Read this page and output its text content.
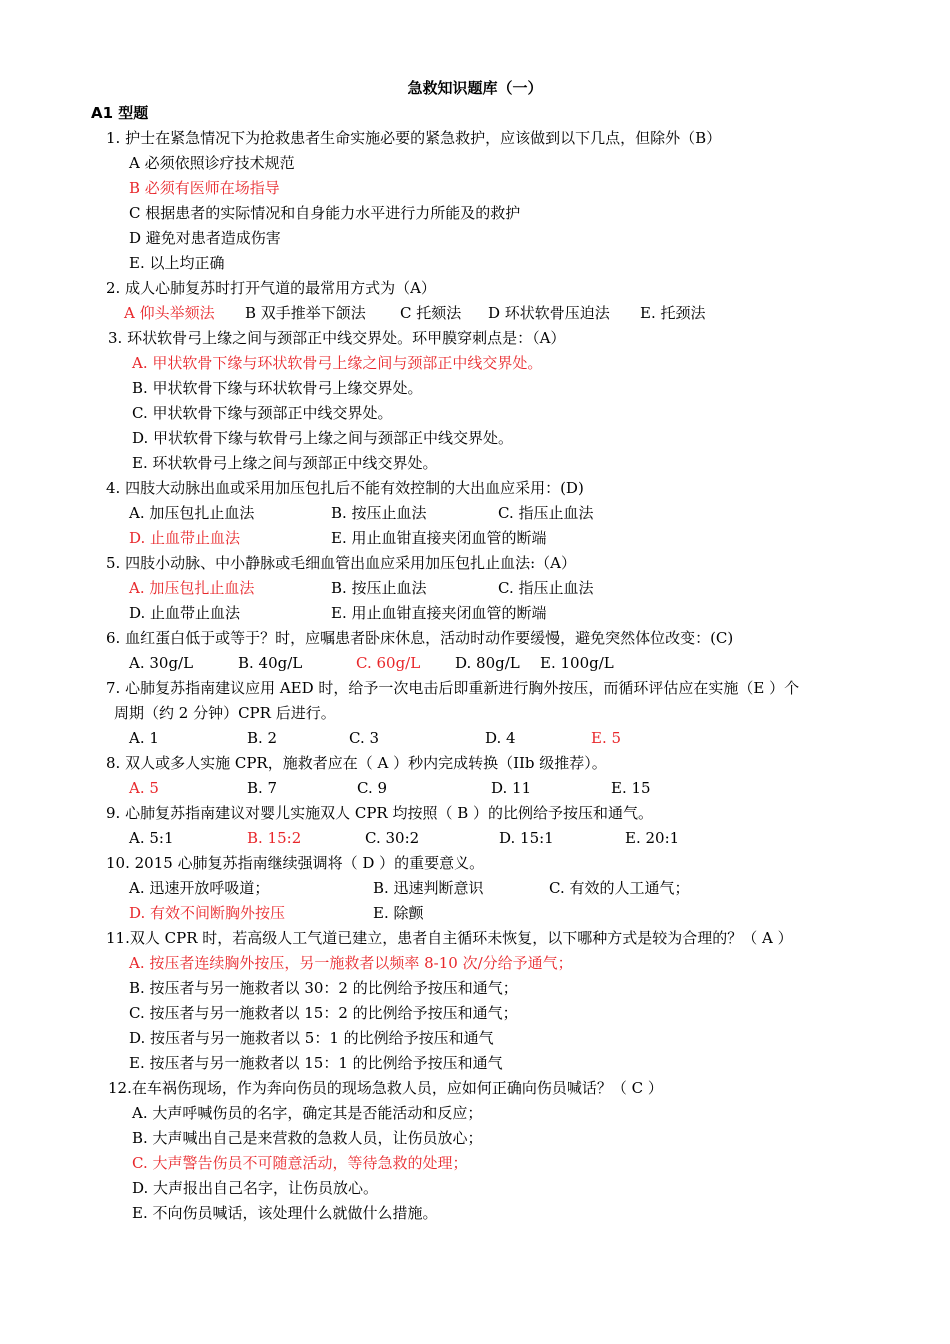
急救知识题库（一）
A1 型题
1. 护士在紧急情况下为抢救患者生命实施必要的紧急救护，应该做到以下几点，但除外（B）
A 必须依照诊疗技术规范
B 必须有医师在场指导
C 根据患者的实际情况和自身能力水平进行力所能及的救护
D 避免对患者造成伤害
E. 以上均正确
2. 成人心肺复苏时打开气道的最常用方式为（A）
A 仰头举颏法 B 双手推举下颌法 C 托颏法 D 环状软骨压迫法 E. 托颈法
3. 环状软骨弓上缘之间与颈部正中线交界处。环甲膜穿刺点是：（A）
A. 甲状软骨下缘与环状软骨弓上缘之间与颈部正中线交界处。
B. 甲状软骨下缘与环状软骨弓上缘交界处。
C. 甲状软骨下缘与颈部正中线交界处。
D. 甲状软骨下缘与软骨弓上缘之间与颈部正中线交界处。
E. 环状软骨弓上缘之间与颈部正中线交界处。
4. 四肢大动脉出血或采用加压包扎后不能有效控制的大出血应采用：(D)
A. 加压包扎止血法	B. 按压止血法	C. 指压止血法
D. 止血带止血法	E. 用止血钳直接夹闭血管的断端
5. 四肢小动脉、中小静脉或毛细血管出血应采用加压包扎止血法:（A）
A. 加压包扎止血法	B. 按压止血法	C. 指压止血法
D. 止血带止血法	E. 用止血钳直接夹闭血管的断端
6. 血红蛋白低于或等于？时，应嘱患者卧床休息，活动时动作要缓慢，避免突然体位改变：(C)
A. 30g/L	B. 40g/L	C. 60g/L D. 80g/L E. 100g/L
7. 心肺复苏指南建议应用 AED 时，给予一次电击后即重新进行胸外按压，而循环评估应在实施（E ）个
周期（约 2 分钟）CPR 后进行。
A. 1	B. 2	C. 3	D. 4	E. 5
8. 双人或多人实施 CPR，施救者应在（ A ）秒内完成转换（IIb 级推荐）。
A. 5	B. 7	C. 9	D. 11	E. 15
9. 心肺复苏指南建议对婴儿实施双人 CPR 均按照（ B ）的比例给予按压和通气。
A. 5:1	B. 15:2	C. 30:2	D. 15:1	E. 20:1
10. 2015 心肺复苏指南继续强调将（ D ）的重要意义。
A. 迅速开放呼吸道；	B. 迅速判断意识	C. 有效的人工通气；
D. 有效不间断胸外按压	E. 除颤
11.双人 CPR 时，若高级人工气道已建立，患者自主循环未恢复，以下哪种方式是较为合理的？（ A ）
A. 按压者连续胸外按压，另一施救者以频率 8-10 次/分给予通气；
B. 按压者与另一施救者以 30：2 的比例给予按压和通气；
C. 按压者与另一施救者以 15：2 的比例给予按压和通气；
D. 按压者与另一施救者以 5：1 的比例给予按压和通气
E. 按压者与另一施救者以 15：1 的比例给予按压和通气
12.在车祸伤现场，作为奔向伤员的现场急救人员，应如何正确向伤员喊话？（ C ）
A. 大声呼喊伤员的名字，确定其是否能活动和反应；
B. 大声喊出自己是来营救的急救人员，让伤员放心；
C. 大声警告伤员不可随意活动，等待急救的处理；
D. 大声报出自己名字，让伤员放心。
E. 不向伤员喊话，该处理什么就做什么措施。
